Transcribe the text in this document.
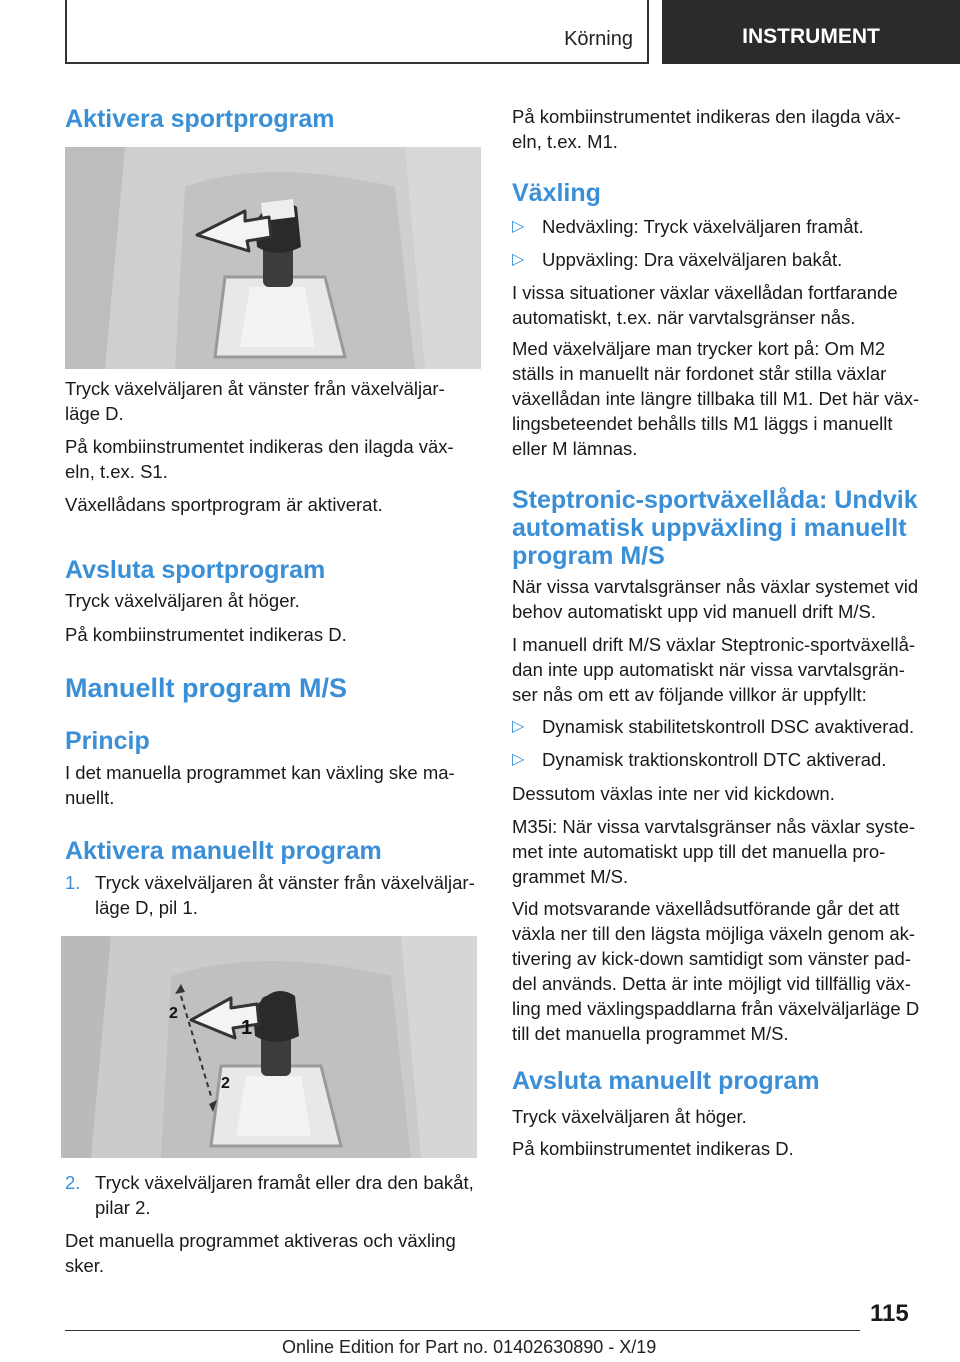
Körning	INSTRUMENT
Aktivera sportprogram

Tryck växelväljaren åt vänster från växelväljar‐
läge D.

På kombiinstrumentet indikeras den ilagda väx‐
eln, t.ex. S1.

Växellådans sportprogram är aktiverat.

Avsluta sportprogram

Tryck växelväljaren åt höger.

På kombiinstrumentet indikeras D.

Manuellt program M/S
Princip

I det manuella programmet kan växling ske ma‐
nuellt.

Aktivera manuellt program
1. Tryck växelväljaren åt vänster från växelväljar‐
läge D, pil 1.
1
2
2
2. Tryck växelväljaren framåt eller dra den bakåt,
pilar 2.

Det manuella programmet aktiveras och växling
sker.

På kombiinstrumentet indikeras den ilagda väx‐
eln, t.ex. M1.

Växling
▷ Nedväxling: Tryck växelväljaren framåt.
▷ Uppväxling: Dra växelväljaren bakåt.

I vissa situationer växlar växellådan fortfarande
automatiskt, t.ex. när varvtalsgränser nås.

Med växelväljare man trycker kort på: Om M2
ställs in manuellt när fordonet står stilla växlar
växellådan inte längre tillbaka till M1. Det här väx‐
lingsbeteendet behålls tills M1 läggs i manuellt
eller M lämnas.

Steptronic-sportväxellåda: Undvik
automatisk uppväxling i manuellt
program M/S

När vissa varvtalsgränser nås växlar systemet vid
behov automatiskt upp vid manuell drift M/S.

I manuell drift M/S växlar Steptronic-sportväxellå‐
dan inte upp automatiskt när vissa varvtalsgrän‐
ser nås om ett av följande villkor är uppfyllt:

▷ Dynamisk stabilitetskontroll DSC avaktiverad.
▷ Dynamisk traktionskontroll DTC aktiverad.

Dessutom växlas inte ner vid kickdown.

M35i: När vissa varvtalsgränser nås växlar syste‐
met inte automatiskt upp till det manuella pro‐
grammet M/S.

Vid motsvarande växellådsutförande går det att
växla ner till den lägsta möjliga växeln genom ak‐
tivering av kick-down samtidigt som vänster pad‐
del används. Detta är inte möjligt vid tillfällig väx‐
ling med växlingspaddlarna från växelväljarläge D
till det manuella programmet M/S.

Avsluta manuellt program

Tryck växelväljaren åt höger.

På kombiinstrumentet indikeras D.

115
Online Edition for Part no. 01402630890 - X/19
